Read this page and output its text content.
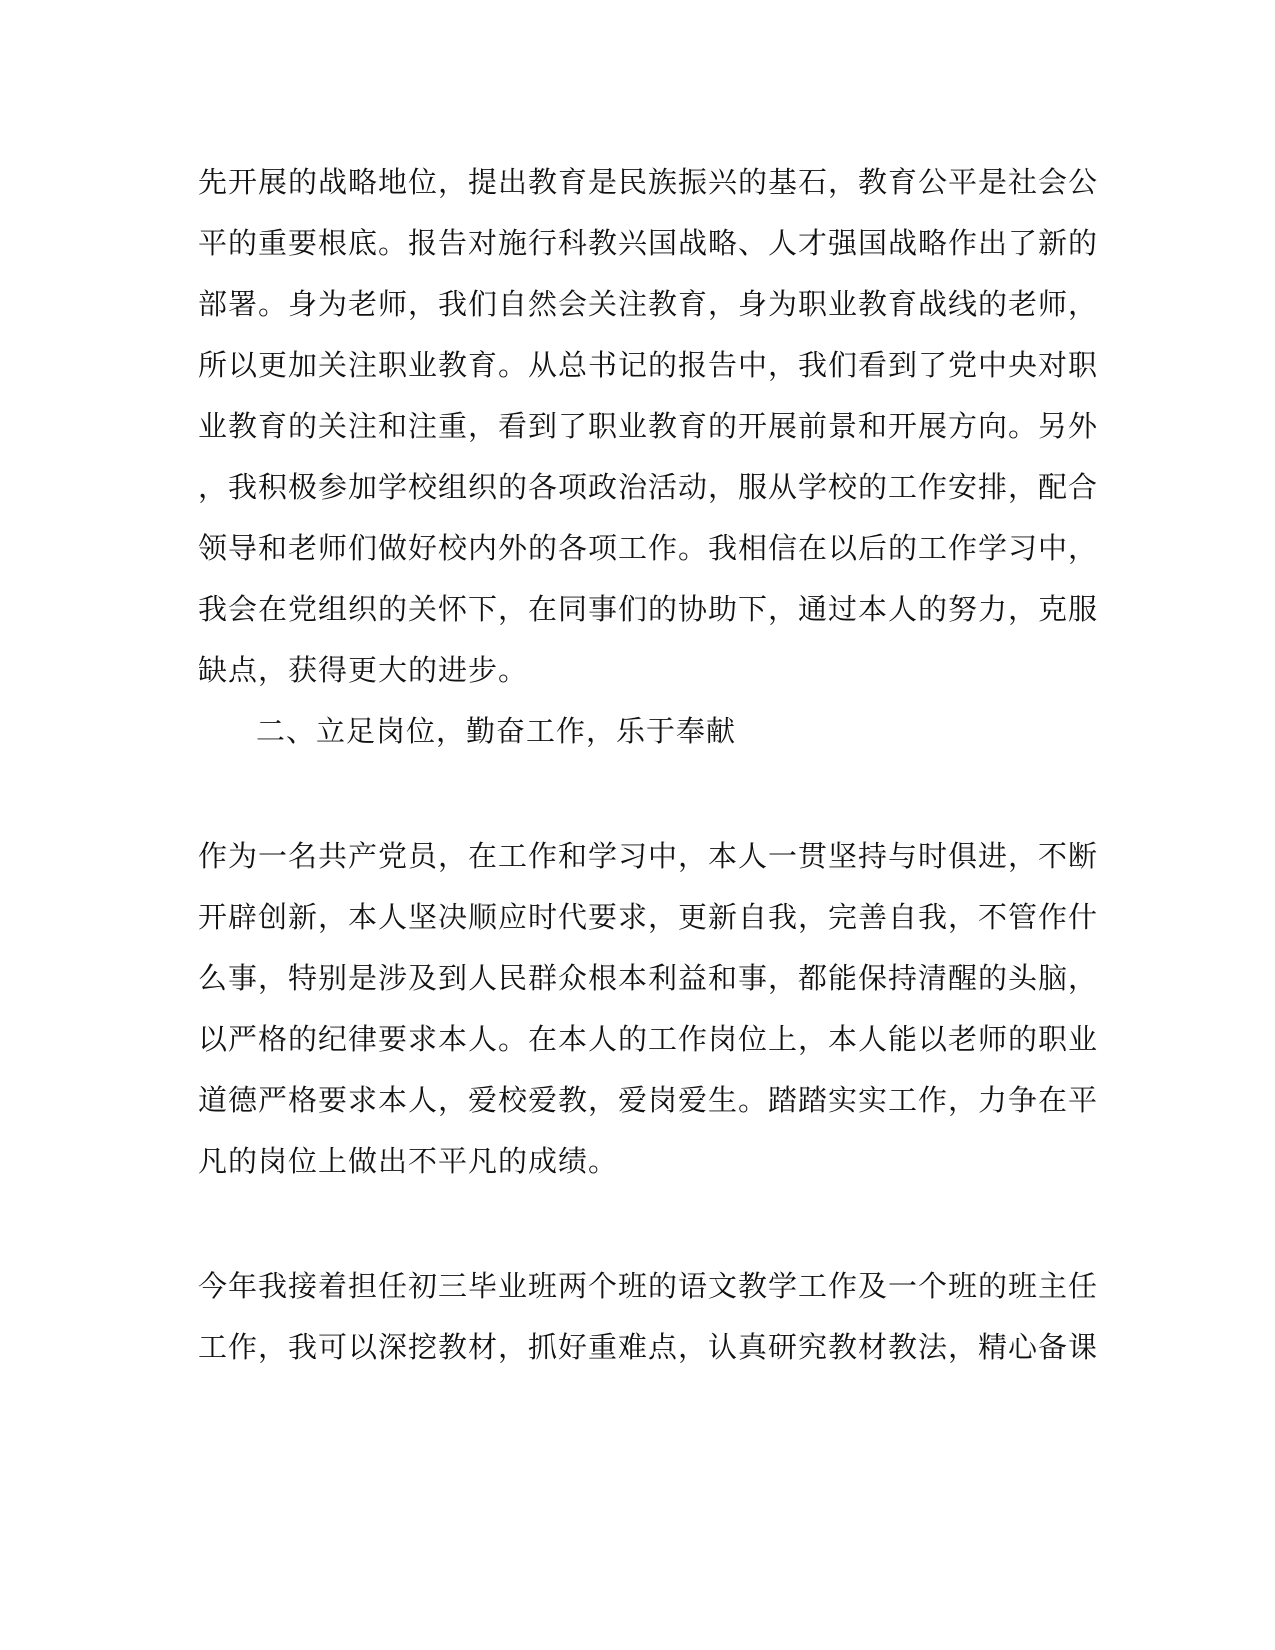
先开展的战略地位，提出教育是民族振兴的基石，教育公平是社会公
平的重要根底。报告对施行科教兴国战略、人才强国战略作出了新的
部署。身为老师，我们自然会关注教育，身为职业教育战线的老师，
所以更加关注职业教育。从总书记的报告中，我们看到了党中央对职
业教育的关注和注重，看到了职业教育的开展前景和开展方向。另外
，我积极参加学校组织的各项政治活动，服从学校的工作安排，配合
领导和老师们做好校内外的各项工作。我相信在以后的工作学习中，
我会在党组织的关怀下，在同事们的协助下，通过本人的努力，克服
缺点，获得更大的进步。
二、立足岗位，勤奋工作，乐于奉献
作为一名共产党员，在工作和学习中，本人一贯坚持与时俱进，不断
开辟创新，本人坚决顺应时代要求，更新自我，完善自我，不管作什
么事，特别是涉及到人民群众根本利益和事，都能保持清醒的头脑，
以严格的纪律要求本人。在本人的工作岗位上，本人能以老师的职业
道德严格要求本人，爱校爱教，爱岗爱生。踏踏实实工作，力争在平
凡的岗位上做出不平凡的成绩。
今年我接着担任初三毕业班两个班的语文教学工作及一个班的班主任
工作，我可以深挖教材，抓好重难点，认真研究教材教法，精心备课
